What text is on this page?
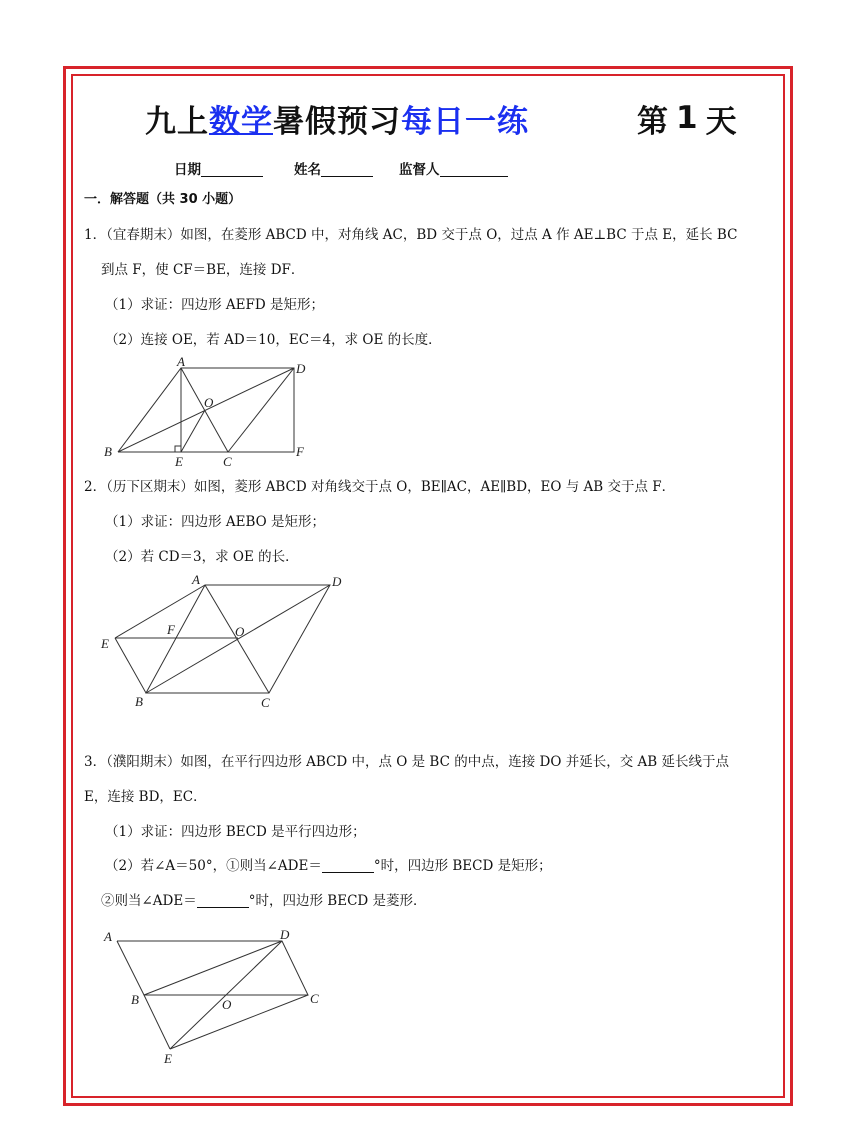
九上 数学 暑假预习 每日一练	第 1 天
日期	姓名	监督人
一．解答题（共 30 小题）
1．（宜春期末）如图，在菱形 ABCD 中，对角线 AC，BD 交于点 O，过点 A 作 AE⊥BC 于点 E，延长 BC
到点 F，使 CF＝BE，连接 DF．
（1）求证：四边形 AEFD 是矩形；
（2）连接 OE，若 AD＝10，EC＝4，求 OE 的长度．
A	D
O
B
E	C
F
2．（历下区期末）如图，菱形 ABCD 对角线交于点 O，BE∥AC，AE∥BD，EO 与 AB 交于点 F．
（1）求证：四边形 AEBO 是矩形；
（2）若 CD＝3，求 OE 的长．
A	D
F	O
E
B	C
3．（濮阳期末）如图，在平行四边形 ABCD 中，点 O 是 BC 的中点，连接 DO 并延长，交 AB 延长线于点
E，连接 BD，EC．
（1）求证：四边形 BECD 是平行四边形；
（2）若∠A＝50°，①则当∠ADE＝	°时，四边形 BECD 是矩形；
②则当∠ADE＝	°时，四边形 BECD 是菱形．
A	D
B	O	C
E
